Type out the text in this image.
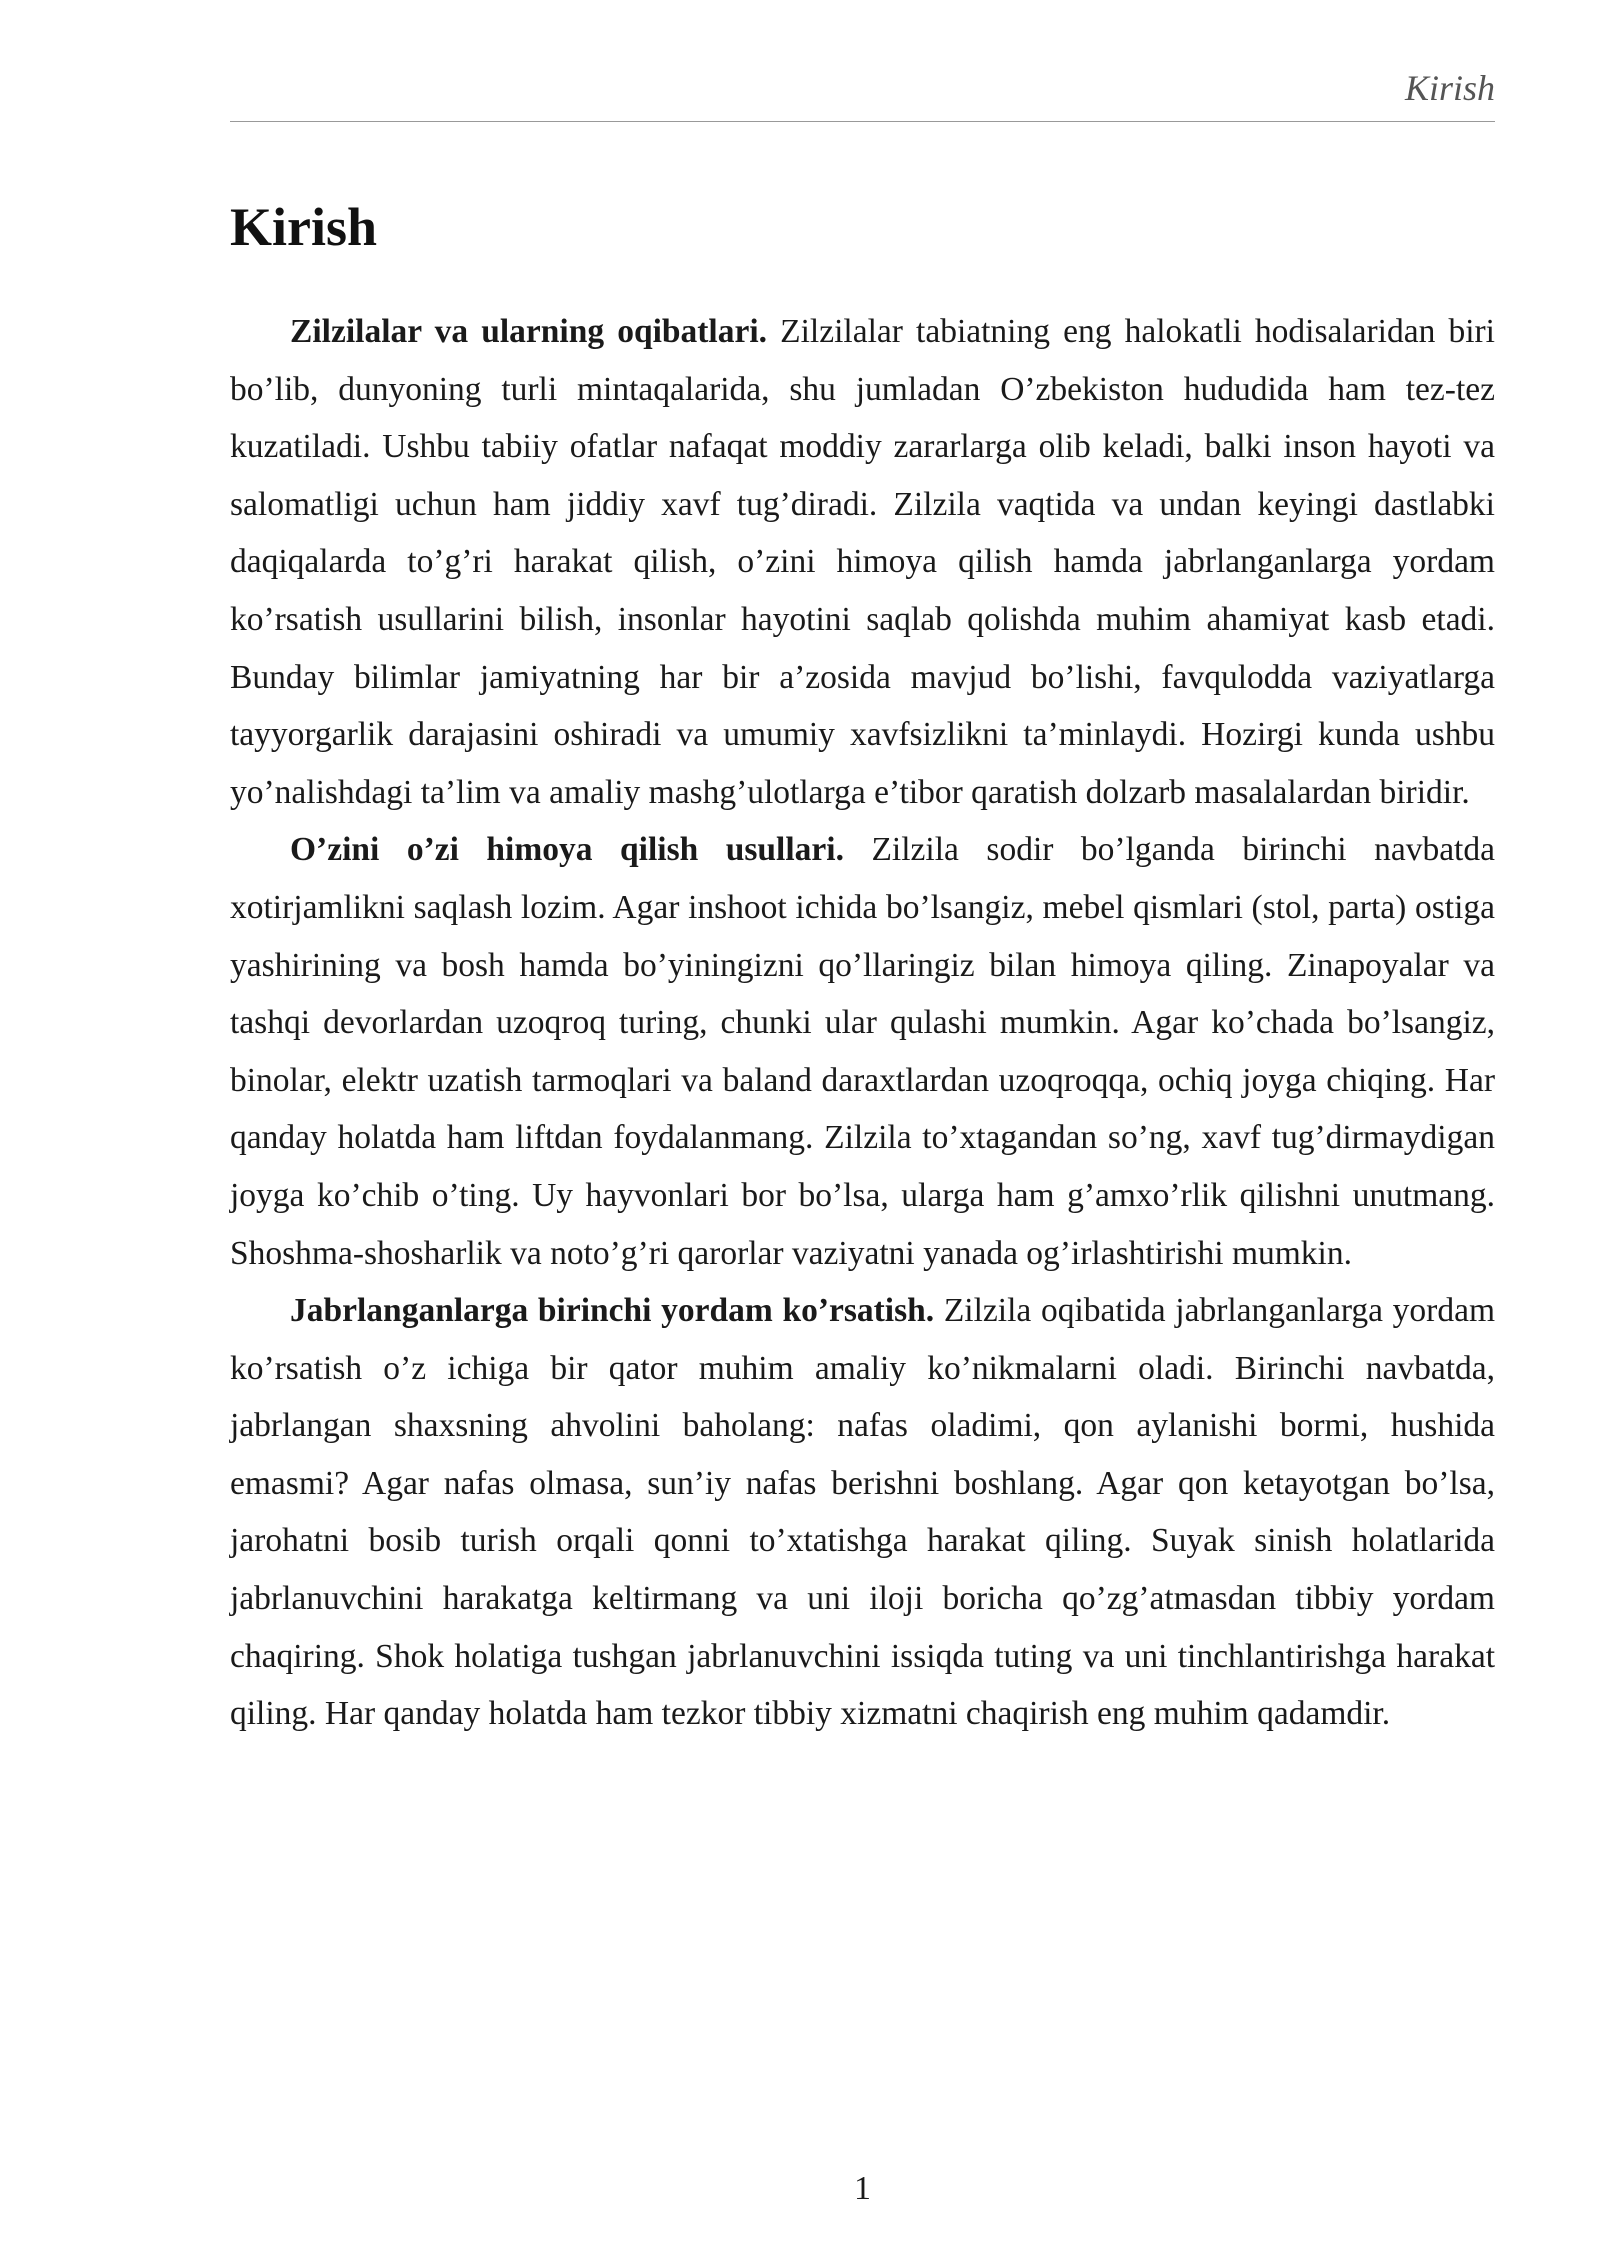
Kirish
Kirish

Zilzilalar va ularning oqibatlari. Zilzilalar tabiatning eng halokatli hodisalaridan biri bo’lib, dunyoning turli mintaqalarida, shu jumladan O’zbekiston hududida ham tez-tez kuzatiladi. Ushbu tabiiy ofatlar nafaqat moddiy zararlarga olib keladi, balki inson hayoti va salomatligi uchun ham jiddiy xavf tug’diradi. Zilzila vaqtida va undan keyingi dastlabki daqiqalarda to’g’ri harakat qilish, o’zini himoya qilish hamda jabrlanganlarga yordam ko’rsatish usullarini bilish, insonlar hayotini saqlab qolishda muhim ahamiyat kasb etadi. Bunday bilimlar jamiyatning har bir a’zosida mavjud bo’lishi, favqulodda vaziyatlarga tayyorgarlik darajasini oshiradi va umumiy xavfsizlikni ta’minlaydi. Hozirgi kunda ushbu yo’nalishdagi ta’lim va amaliy mashg’ulotlarga e’tibor qaratish dolzarb masalalardan biridir.

O’zini o’zi himoya qilish usullari. Zilzila sodir bo’lganda birinchi navbatda xotirjamlikni saqlash lozim. Agar inshoot ichida bo’lsangiz, mebel qismlari (stol, parta) ostiga yashirining va bosh hamda bo’yiningizni qo’llaringiz bilan himoya qiling. Zinapoyalar va tashqi devorlardan uzoqroq turing, chunki ular qulashi mumkin. Agar ko’chada bo’lsangiz, binolar, elektr uzatish tarmoqlari va baland daraxtlardan uzoqroqqa, ochiq joyga chiqing. Har qanday holatda ham liftdan foydalanmang. Zilzila to’xtagandan so’ng, xavf tug’dirmaydigan joyga ko’chib o’ting. Uy hayvonlari bor bo’lsa, ularga ham g’amxo’rlik qilishni unutmang. Shoshma-shosharlik va noto’g’ri qarorlar vaziyatni yanada og’irlashtirishi mumkin.

Jabrlanganlarga birinchi yordam ko’rsatish. Zilzila oqibatida jabrlanganlarga yordam ko’rsatish o’z ichiga bir qator muhim amaliy ko’nikmalarni oladi. Birinchi navbatda, jabrlangan shaxsning ahvolini baholang: nafas oladimi, qon aylanishi bormi, hushida emasmi? Agar nafas olmasa, sun’iy nafas berishni boshlang. Agar qon ketayotgan bo’lsa, jarohatni bosib turish orqali qonni to’xtatishga harakat qiling. Suyak sinish holatlarida jabrlanuvchini harakatga keltirmang va uni iloji boricha qo’zg’atmasdan tibbiy yordam chaqiring. Shok holatiga tushgan jabrlanuvchini issiqda tuting va uni tinchlantirishga harakat qiling. Har qanday holatda ham tezkor tibbiy xizmatni chaqirish eng muhim qadamdir.

1
